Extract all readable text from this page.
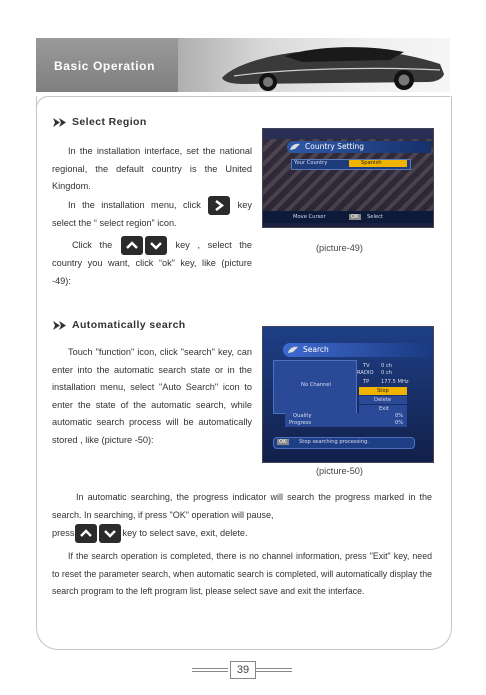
Basic Operation
Select Region
In the installation interface, set the national regional, the default country is the United Kingdom.
In the installation menu, click	key select the “ select region” icon.
Click the	key , select the country you want, click “ok” key, like (picture -49):
Country Setting
Your Country	Spanish
Move Cursor	OK	Select
(picture-49)
Automatically search
Touch "function" icon, click "search" key, can enter into the automatic search state or in the installation menu, select "Auto Search" icon to enter the state of the automatic search, while automatic search process will be automatically stored , like (picture -50):
Search
No Channel
TV 0 ch
RADIO 0 ch
TP 177.5 MHz
Stop
Delete
Exit
Quality	0%
Progress	0%
OK	Stop searching processing.
(picture-50)
In automatic searching, the progress indicator will search the progress marked in the search. In searching, if press "OK" operation will pause,
press	key to select save, exit, delete.
If the search operation is completed, there is no channel information, press "Exit" key, need to reset the parameter search, when automatic search is completed, will automatically display the search program to the left program list, please select save and exit the interface.
39
